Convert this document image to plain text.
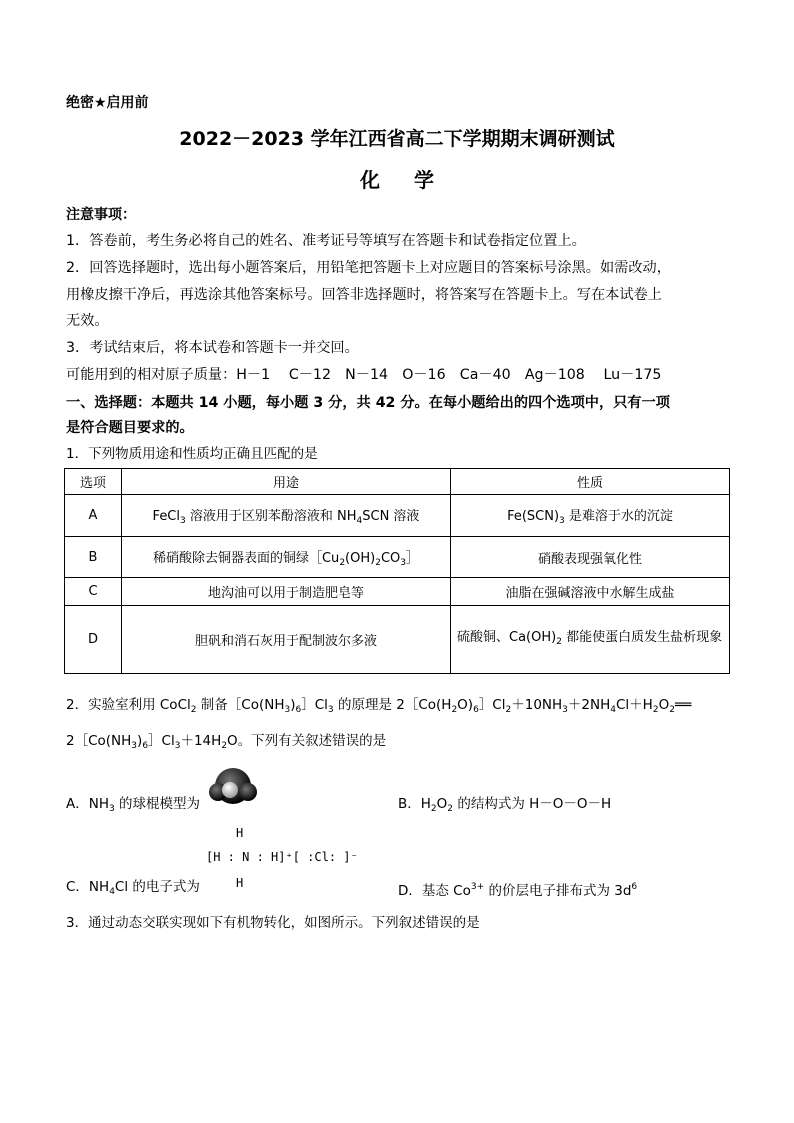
绝密★启用前
2022－2023 学年江西省高二下学期期末调研测试
化学
注意事项：
1．答卷前，考生务必将自己的姓名、准考证号等填写在答题卡和试卷指定位置上。
2．回答选择题时，选出每小题答案后，用铅笔把答题卡上对应题目的答案标号涂黑。如需改动，
用橡皮擦干净后，再选涂其他答案标号。回答非选择题时，将答案写在答题卡上。写在本试卷上
无效。
3．考试结束后，将本试卷和答题卡一并交回。
可能用到的相对原子质量：H－1　 C－12　N－14　O－16　Ca－40　Ag－108　 Lu－175
一、选择题：本题共 14 小题，每小题 3 分，共 42 分。在每小题给出的四个选项中，只有一项
是符合题目要求的。
1．下列物质用途和性质均正确且匹配的是
选项	用途	性质
A	FeCl$_3$ 溶液用于区别苯酚溶液和 $NH_4SCN$ 溶液	$Fe(SCN)_3$ 是难溶于水的沉淀
B	稀硝酸除去铜器表面的铜绿$[Cu_2(OH)_2CO_3]$	硝酸表现强氧化性
C	地沟油可以用于制造肥皂等	油脂在强碱溶液中水解生成盐
D	胆矾和消石灰用于配制波尔多液	硫酸铜、$Ca(OH)_2$ 都能使蛋白质发生盐析现象
2．实验室利用 CoCl$_2$ 制备$[Co(NH_3)_6]Cl_3$ 的原理是 $2[Co(H_2O)_6]Cl_2+10NH_3+2NH_4Cl+H_2O_2══$
$2[Co(NH_3)_6]Cl_3+14H_2O$。下列有关叙述错误的是
A．$NH_3$ 的球棍模型为	B．$H_2O_2$ 的结构式为 H－O－O－H
H
[H : N : H]⁺[ :Cl: ]⁻
H
C．$NH_4Cl$ 的电子式为	D．基态 $Co^{3+}$ 的价层电子排布式为 $3d^6$
3．通过动态交联实现如下有机物转化，如图所示。下列叙述错误的是
